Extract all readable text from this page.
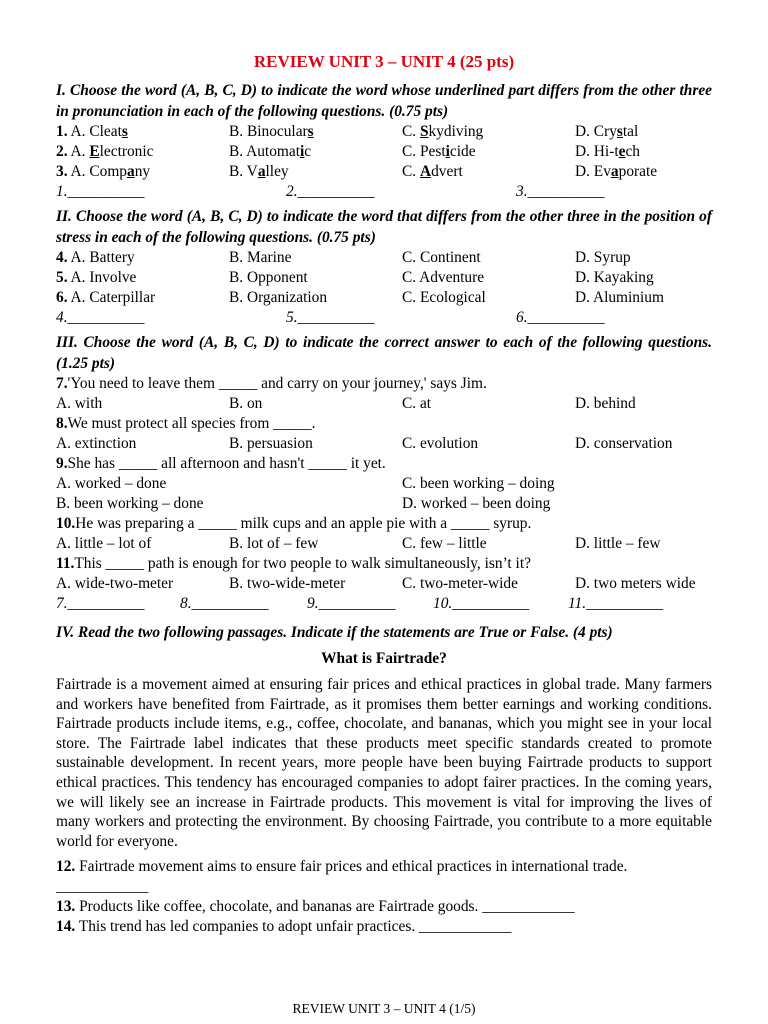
REVIEW UNIT 3 – UNIT 4 (25 pts)
I. Choose the word (A, B, C, D) to indicate the word whose underlined part differs from the other three in pronunciation in each of the following questions. (0.75 pts)
1. A. Cleats	B. Binoculars	C. Skydiving	D. Crystal
2. A. Electronic	B. Automatic	C. Pesticide	D. Hi-tech
3. A. Company	B. Valley	C. Advert	D. Evaporate
1.__________	2.__________	3.__________
II. Choose the word (A, B, C, D) to indicate the word that differs from the other three in the position of stress in each of the following questions. (0.75 pts)
4. A. Battery	B. Marine	C. Continent	D. Syrup
5. A. Involve	B. Opponent	C. Adventure	D. Kayaking
6. A. Caterpillar	B. Organization	C. Ecological	D. Aluminium
4.__________	5.__________	6.__________
III. Choose the word (A, B, C, D) to indicate the correct answer to each of the following questions. (1.25 pts)
7. 'You need to leave them _____ and carry on your journey,' says Jim.
A. with	B. on	C. at	D. behind
8. We must protect all species from _____.
A. extinction	B. persuasion	C. evolution	D. conservation
9. She has _____ all afternoon and hasn't _____ it yet.
A. worked – done	C. been working – doing
B. been working – done	D. worked – been doing
10. He was preparing a _____ milk cups and an apple pie with a _____ syrup.
A. little – lot of	B. lot of – few	C. few – little	D. little – few
11. This _____ path is enough for two people to walk simultaneously, isn’t it?
A. wide-two-meter	B. two-wide-meter	C. two-meter-wide	D. two meters wide
7.__________	8.__________	9.__________	10.__________	11.__________
IV. Read the two following passages. Indicate if the statements are True or False. (4 pts)
What is Fairtrade?

Fairtrade is a movement aimed at ensuring fair prices and ethical practices in global trade. Many farmers and workers have benefited from Fairtrade, as it promises them better earnings and working conditions. Fairtrade products include items, e.g., coffee, chocolate, and bananas, which you might see in your local store. The Fairtrade label indicates that these products meet specific standards created to promote sustainable development. In recent years, more people have been buying Fairtrade products to support ethical practices. This tendency has encouraged companies to adopt fairer practices. In the coming years, we will likely see an increase in Fairtrade products. This movement is vital for improving the lives of many workers and protecting the environment. By choosing Fairtrade, you contribute to a more equitable world for everyone.

12. Fairtrade movement aims to ensure fair prices and ethical practices in international trade.
____________

13. Products like coffee, chocolate, and bananas are Fairtrade goods. ____________

14. This trend has led companies to adopt unfair practices. ____________

REVIEW UNIT 3 – UNIT 4 (1/5)
